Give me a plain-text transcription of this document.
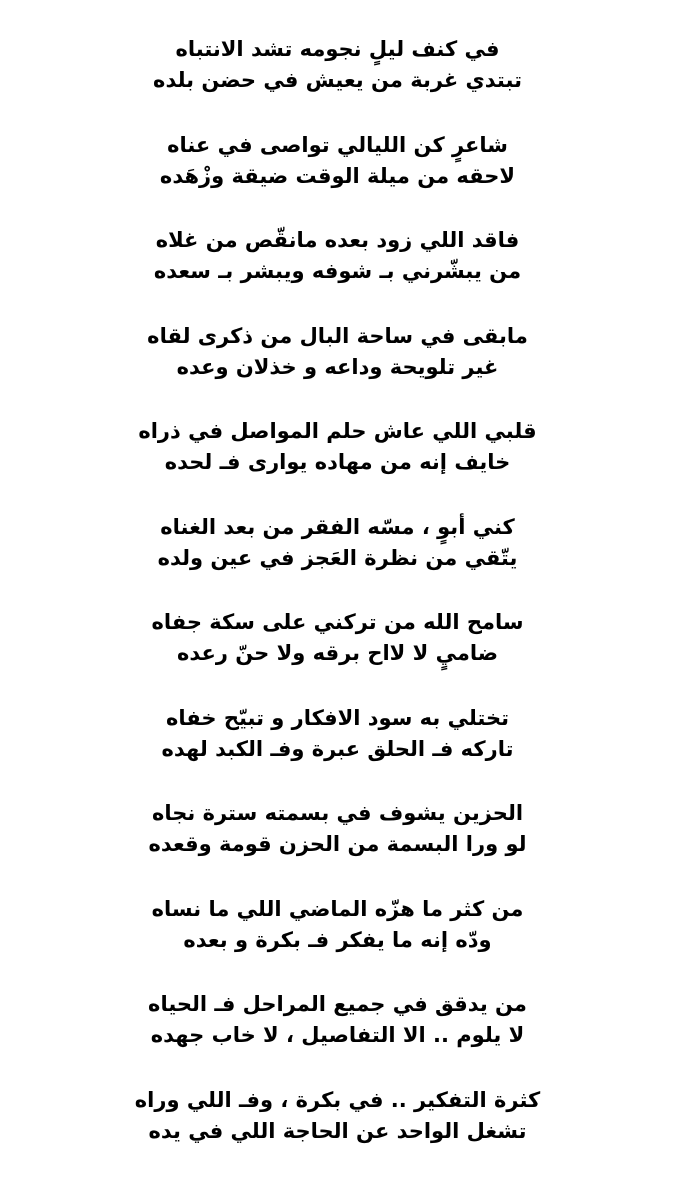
في كنف ليلٍ نجومه تشد الانتباه
تبتدي غربة من يعيش في حضن بلده
شاعرٍ كن الليالي تواصى في عناه
لاحقه من ميلة الوقت ضيقة وزْهَده
فاقد اللي زود بعده مانقّص من غلاه
من يبشّرني بـ شوفه ويبشر بـ سعده
مابقى في ساحة البال من ذكرى لقاه
غير تلويحة وداعه و خذلان وعده
قلبي اللي عاش حلم المواصل في ذراه
خايف إنه من مهاده يوارى فـ لحده
كني أبوٍ ، مسّه الفقر من بعد الغناه
يتّقي من نظرة العَجز في عين ولده
سامح الله من تركني على سكة جفاه
ضاميٍ لا لااح برقه ولا حنّ رعده
تختلي به سود الافكار و تبيّح خفاه
تاركه فـ الحلق عبرة وفـ الكبد لهده
الحزين يشوف في بسمته سترة نجاه
لو ورا البسمة من الحزن قومة وقعده
من كثر ما هزّه الماضي اللي ما نساه
ودّه إنه ما يفكر فـ بكرة و بعده
من يدقق في جميع المراحل فـ الحياه
لا يلوم .. الا التفاصيل ، لا خاب جهده
كثرة التفكير .. في بكرة ، وفـ اللي وراه
تشغل الواحد عن الحاجة اللي في يده
